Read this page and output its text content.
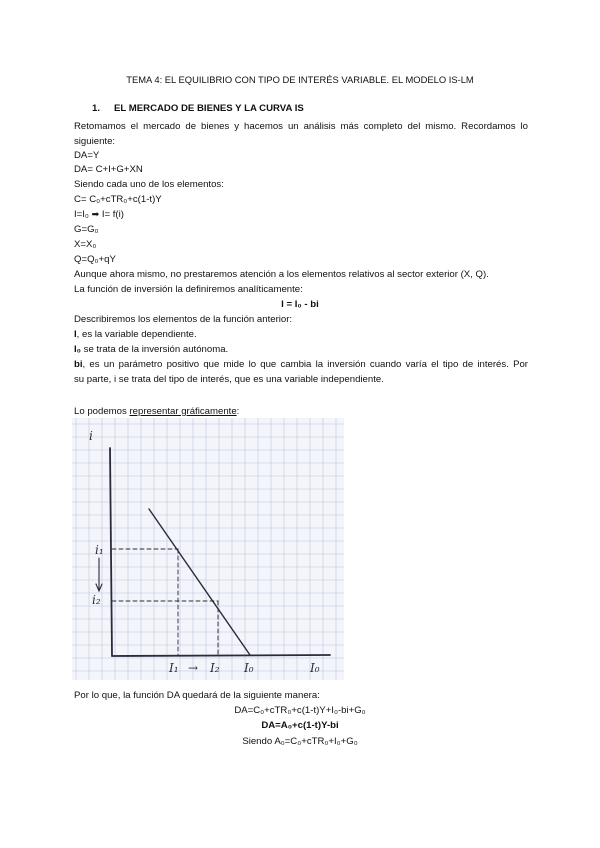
TEMA 4: EL EQUILIBRIO CON TIPO DE INTERÉS VARIABLE. EL MODELO IS-LM
1. EL MERCADO DE BIENES Y LA CURVA IS
Retomamos el mercado de bienes y hacemos un análisis más completo del mismo. Recordamos lo
siguiente:
DA=Y
DA= C+I+G+XN
Siendo cada uno de los elementos:
C= C₀+cTR₀+c(1-t)Y
I=I₀ ➡ I= f(i)
G=G₀
X=X₀
Q=Q₀+qY
Aunque ahora mismo, no prestaremos atención a los elementos relativos al sector exterior (X, Q).
La función de inversión la definiremos analíticamente:
I = I₀ - bi
Describiremos los elementos de la función anterior:
I, es la variable dependiente.
I₀ se trata de la inversión autónoma.
bi, es un parámetro positivo que mide lo que cambia la inversión cuando varía el tipo de interés. Por
su parte, i se trata del tipo de interés, que es una variable independiente.
Lo podemos representar gráficamente:
i
i₁
i₂
I₁ → I₂ I₀	I₀
Por lo que, la función DA quedará de la siguiente manera:
DA=C₀+cTR₀+c(1-t)Y+I₀-bi+G₀
DA=A₀+c(1-t)Y-bi
Siendo A₀=C₀+cTR₀+I₀+G₀
